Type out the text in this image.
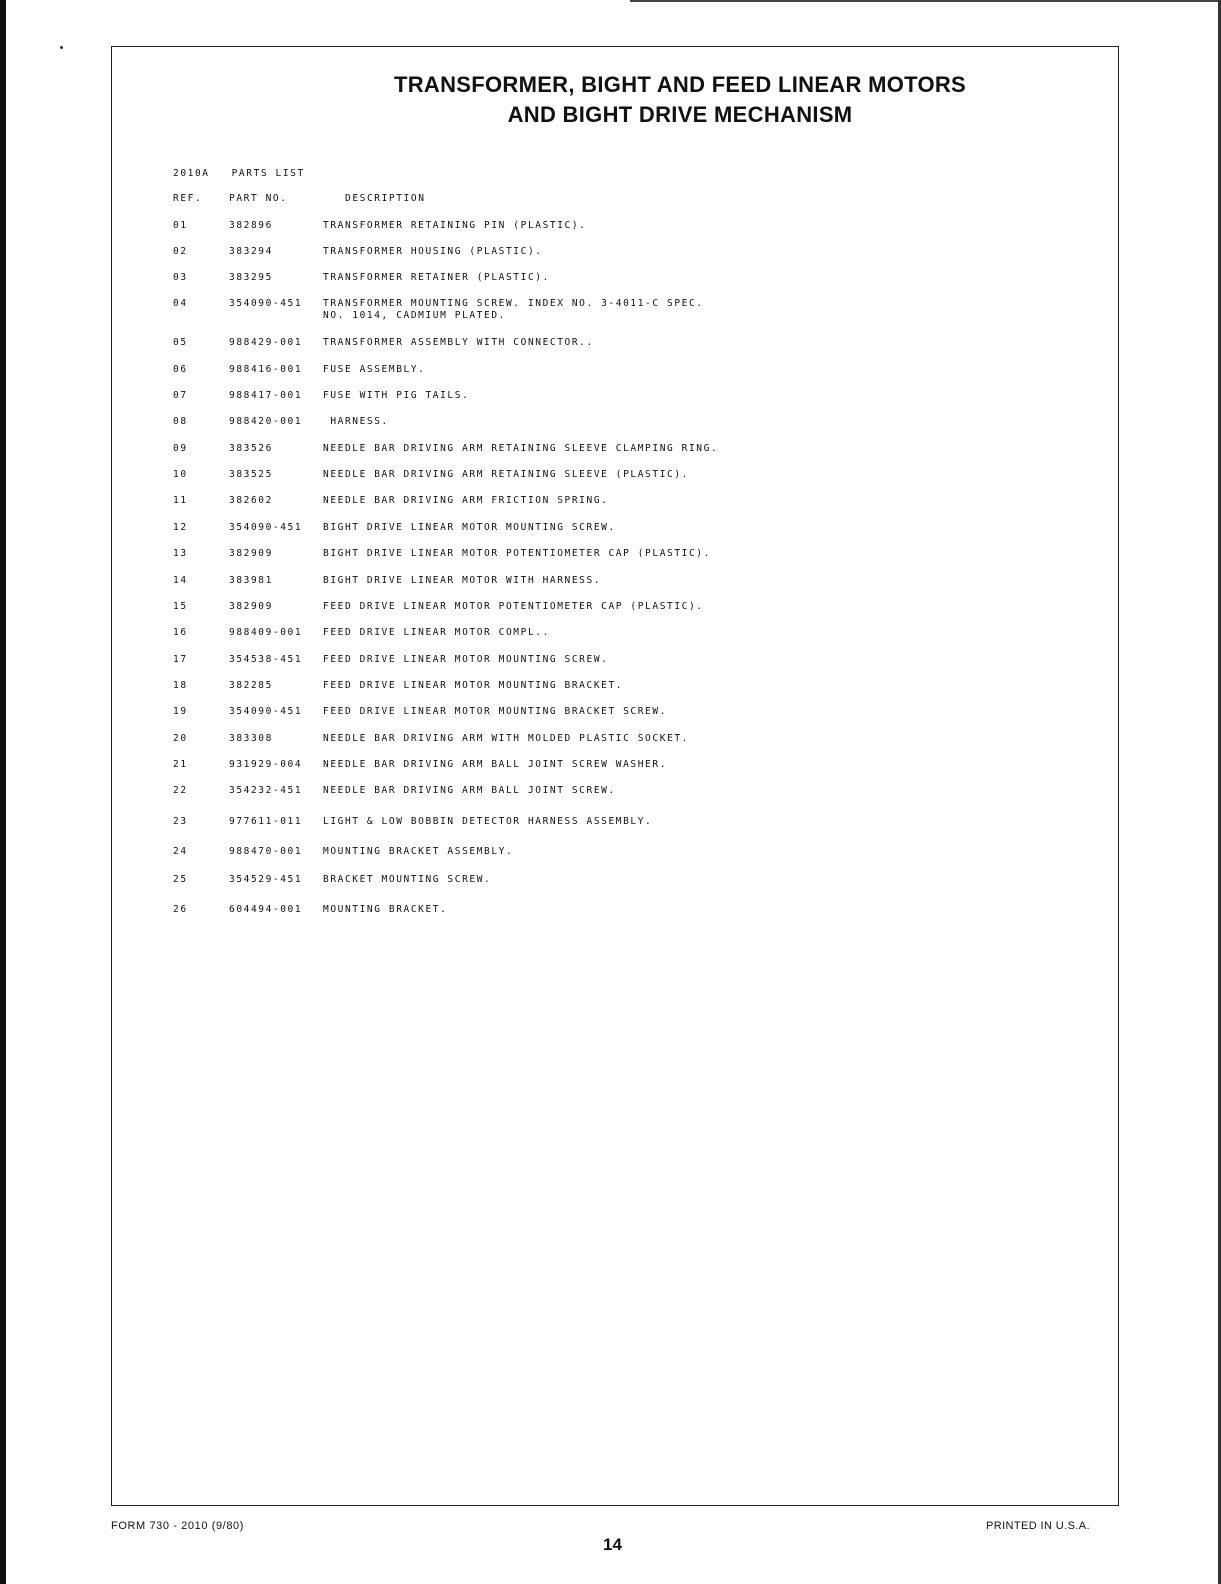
TRANSFORMER, BIGHT AND FEED LINEAR MOTORS
AND BIGHT DRIVE MECHANISM
2010A PARTS LIST
REF.	PART NO.	DESCRIPTION
01	382896	TRANSFORMER RETAINING PIN (PLASTIC).
02	383294	TRANSFORMER HOUSING (PLASTIC).
03	383295	TRANSFORMER RETAINER (PLASTIC).
04	354090-451 TRANSFORMER MOUNTING SCREW. INDEX NO. 3-4011-C SPEC.
NO. 1014, CADMIUM PLATED.
05	988429-001 TRANSFORMER ASSEMBLY WITH CONNECTOR..
06	988416-001 FUSE ASSEMBLY.
07	988417-001 FUSE WITH PIG TAILS.
08	988420-001 HARNESS.
09	383526	NEEDLE BAR DRIVING ARM RETAINING SLEEVE CLAMPING RING.
10	383525	NEEDLE BAR DRIVING ARM RETAINING SLEEVE (PLASTIC).
11	382602	NEEDLE BAR DRIVING ARM FRICTION SPRING.
12	354090-451 BIGHT DRIVE LINEAR MOTOR MOUNTING SCREW.
13	382909	BIGHT DRIVE LINEAR MOTOR POTENTIOMETER CAP (PLASTIC).
14	383981	BIGHT DRIVE LINEAR MOTOR WITH HARNESS.
15	382909	FEED DRIVE LINEAR MOTOR POTENTIOMETER CAP (PLASTIC).
16	988409-001 FEED DRIVE LINEAR MOTOR COMPL..
17	354538-451 FEED DRIVE LINEAR MOTOR MOUNTING SCREW.
18	382285	FEED DRIVE LINEAR MOTOR MOUNTING BRACKET.
19	354090-451 FEED DRIVE LINEAR MOTOR MOUNTING BRACKET SCREW.
20	383308	NEEDLE BAR DRIVING ARM WITH MOLDED PLASTIC SOCKET.
21	931929-004 NEEDLE BAR DRIVING ARM BALL JOINT SCREW WASHER.
22	354232-451 NEEDLE BAR DRIVING ARM BALL JOINT SCREW.
23	977611-011 LIGHT & LOW BOBBIN DETECTOR HARNESS ASSEMBLY.
24	988470-001 MOUNTING BRACKET ASSEMBLY.
25	354529-451 BRACKET MOUNTING SCREW.
26	604494-001 MOUNTING BRACKET.
FORM 730 - 2010 (9/80)
14
PRINTED IN U.S.A.
